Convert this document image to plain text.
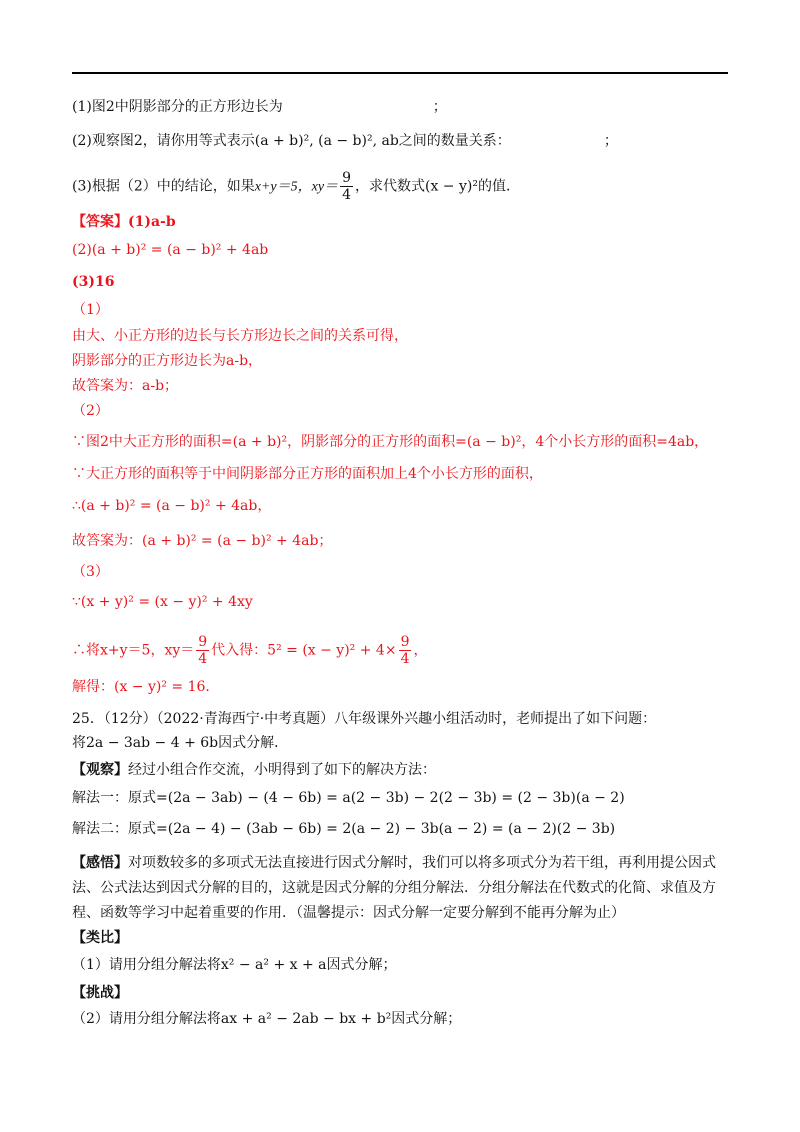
(1)图2中阴影部分的正方形边长为	；
(2)观察图2，请你用等式表示(a + b)², (a − b)², ab之间的数量关系：	；
(3)根据（2）中的结论，如果x+y＝5，$xy= \frac{9}{4}$ ，求代数式(x − y)²的值．
【答案】(1)a-b
(2)(a + b)² = (a − b)² + 4ab
(3)16
（1）
由大、小正方形的边长与长方形边长之间的关系可得，
阴影部分的正方形边长为a-b，
故答案为：a-b；
（2）
∵图2中大正方形的面积=(a + b)²，阴影部分的正方形的面积=(a − b)²，4个小长方形的面积=4ab，
∵大正方形的面积等于中间阴影部分正方形的面积加上4个小长方形的面积，
∴(a + b)² = (a − b)² + 4ab，
故答案为：(a + b)² = (a − b)² + 4ab；
（3）
∵(x + y)² = (x − y)² + 4xy
∴将x+y＝5，$xy= \frac{9}{4}$ 代入得：$5^2 = (x - y)^2 + 4\times \frac{9}{4}$ ，
解得：(x − y)² = 16．
25．（12分）（2022·青海西宁·中考真题）八年级课外兴趣小组活动时，老师提出了如下问题：
将2a − 3ab − 4 + 6b因式分解．
【观察】经过小组合作交流，小明得到了如下的解决方法：
解法一：原式=(2a − 3ab) − (4 − 6b) = a(2 − 3b) − 2(2 − 3b) = (2 − 3b)(a − 2)
解法二：原式=(2a − 4) − (3ab − 6b) = 2(a − 2) − 3b(a − 2) = (a − 2)(2 − 3b)
【感悟】对项数较多的多项式无法直接进行因式分解时，我们可以将多项式分为若干组，再利用提公因式
法、公式法达到因式分解的目的，这就是因式分解的分组分解法．分组分解法在代数式的化简、求值及方
程、函数等学习中起着重要的作用．（温馨提示：因式分解一定要分解到不能再分解为止）
【类比】
（1）请用分组分解法将x² − a² + x + a因式分解；
【挑战】
（2）请用分组分解法将ax + a² − 2ab − bx + b²因式分解；
